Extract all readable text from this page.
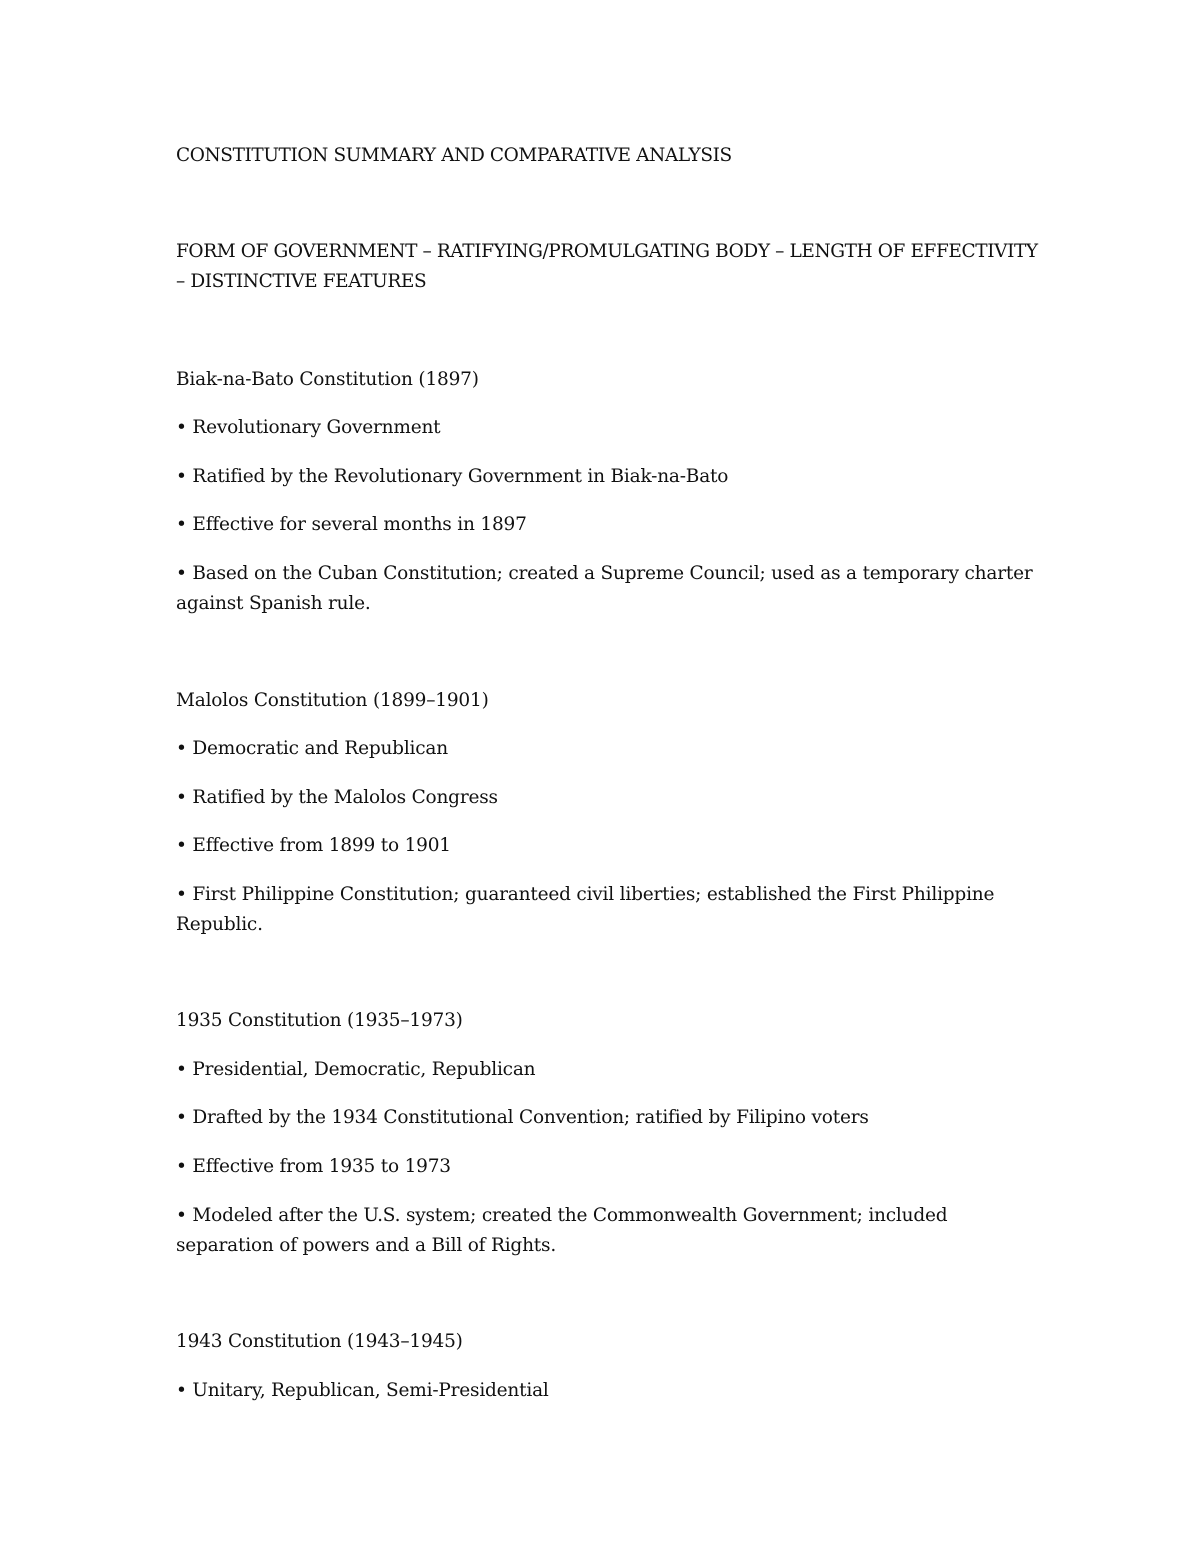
CONSTITUTION SUMMARY AND COMPARATIVE ANALYSIS
FORM OF GOVERNMENT – RATIFYING/PROMULGATING BODY – LENGTH OF EFFECTIVITY
– DISTINCTIVE FEATURES
Biak-na-Bato Constitution (1897)
• Revolutionary Government
• Ratified by the Revolutionary Government in Biak-na-Bato
• Effective for several months in 1897
• Based on the Cuban Constitution; created a Supreme Council; used as a temporary charter
against Spanish rule.
Malolos Constitution (1899–1901)
• Democratic and Republican
• Ratified by the Malolos Congress
• Effective from 1899 to 1901
• First Philippine Constitution; guaranteed civil liberties; established the First Philippine
Republic.
1935 Constitution (1935–1973)
• Presidential, Democratic, Republican
• Drafted by the 1934 Constitutional Convention; ratified by Filipino voters
• Effective from 1935 to 1973
• Modeled after the U.S. system; created the Commonwealth Government; included
separation of powers and a Bill of Rights.
1943 Constitution (1943–1945)
• Unitary, Republican, Semi-Presidential
